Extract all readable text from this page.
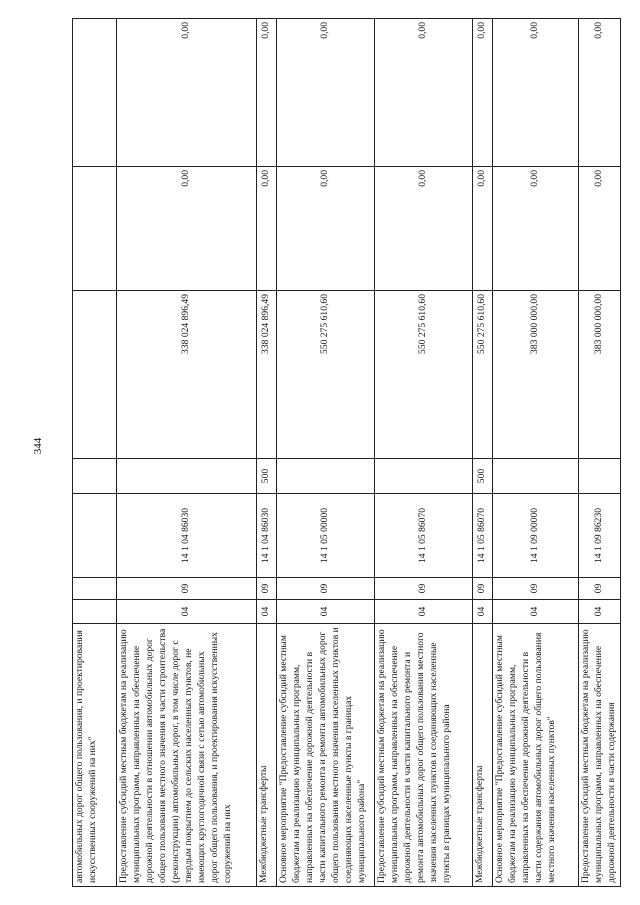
344
автомобильных дорог общего пользования, и проектирования искусственных сооружений на них"							
Предоставление субсидий местным бюджетам на реализацию муниципальных программ, направленных на обеспечение дорожной деятельности в отношении автомобильных дорог общего пользования местного значения в части строительства (реконструкции) автомобильных дорог, в том числе дорог с твердым покрытием до сельских населенных пунктов, не имеющих круглогодичной связи с сетью автомобильных дорог общего пользования, и проектирования искусственных сооружений на них	04	09	14 1 04 86030		338 024 896,49	0,00	0,00
Межбюджетные трансферты	04	09	14 1 04 86030	500	338 024 896,49	0,00	0,00
Основное мероприятие "Предоставление субсидий местным бюджетам на реализацию муниципальных программ, направленных на обеспечение дорожной деятельности в части капитального ремонта и ремонта автомобильных дорог общего пользования местного значения населенных пунктов и соединяющих населенные пункты в границах муниципального района"	04	09	14 1 05 00000		550 275 610,60	0,00	0,00
Предоставление субсидий местным бюджетам на реализацию муниципальных программ, направленных на обеспечение дорожной деятельности в части капитального ремонта и ремонта автомобильных дорог общего пользования местного значения населенных пунктов и соединяющих населенные пункты в границах муниципального района	04	09	14 1 05 86070		550 275 610,60	0,00	0,00
Межбюджетные трансферты	04	09	14 1 05 86070	500	550 275 610,60	0,00	0,00
Основное мероприятие "Предоставление субсидий местным бюджетам на реализацию муниципальных программ, направленных на обеспечение дорожной деятельности в части содержания автомобильных дорог общего пользования местного значения населенных пунктов"	04	09	14 1 09 00000		383 000 000,00	0,00	0,00
Предоставление субсидий местным бюджетам на реализацию муниципальных программ, направленных на обеспечение дорожной деятельности в части содержания	04	09	14 1 09 86230		383 000 000,00	0,00	0,00
